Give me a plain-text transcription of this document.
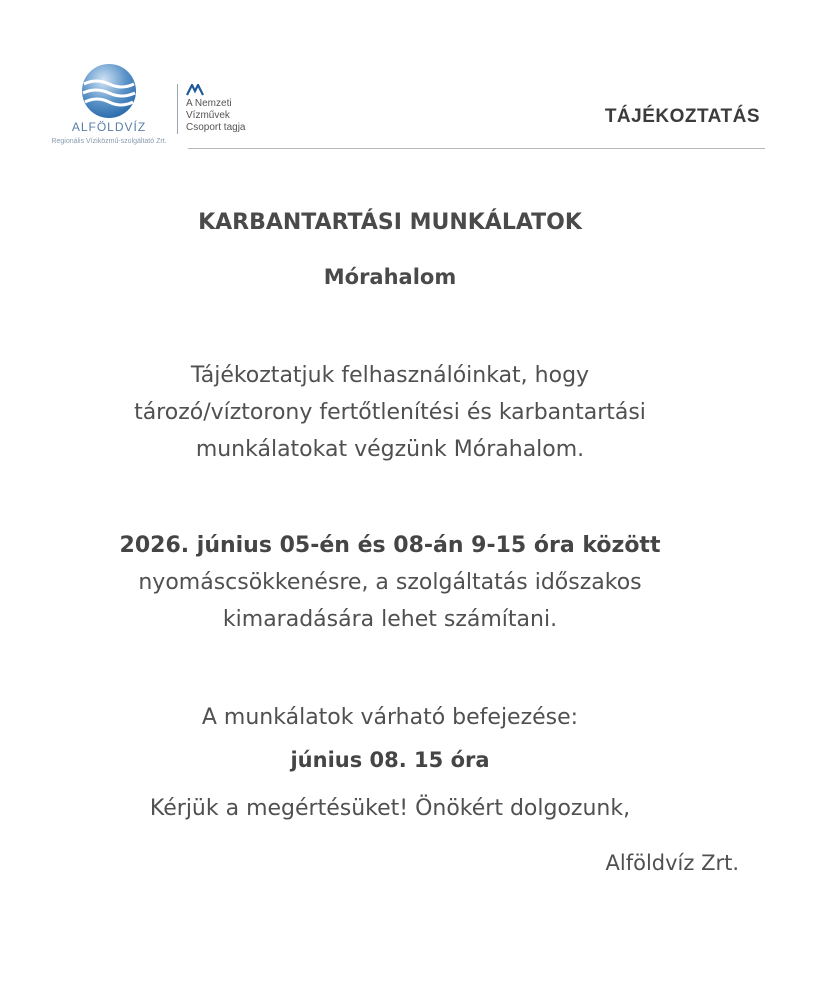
ALFÖLDVÍZ
Regionális Víziközmű-szolgáltató Zrt.
A Nemzeti
Vízművek
Csoport tagja
TÁJÉKOZTATÁS
KARBANTARTÁSI MUNKÁLATOK
Mórahalom
Tájékoztatjuk felhasználóinkat, hogy
tározó/víztorony fertőtlenítési és karbantartási
munkálatokat végzünk Mórahalom.
2026. június 05-én és 08-án 9-15 óra között
nyomáscsökkenésre, a szolgáltatás időszakos
kimaradására lehet számítani.
A munkálatok várható befejezése:
június 08. 15 óra
Kérjük a megértésüket! Önökért dolgozunk,
Alföldvíz Zrt.
